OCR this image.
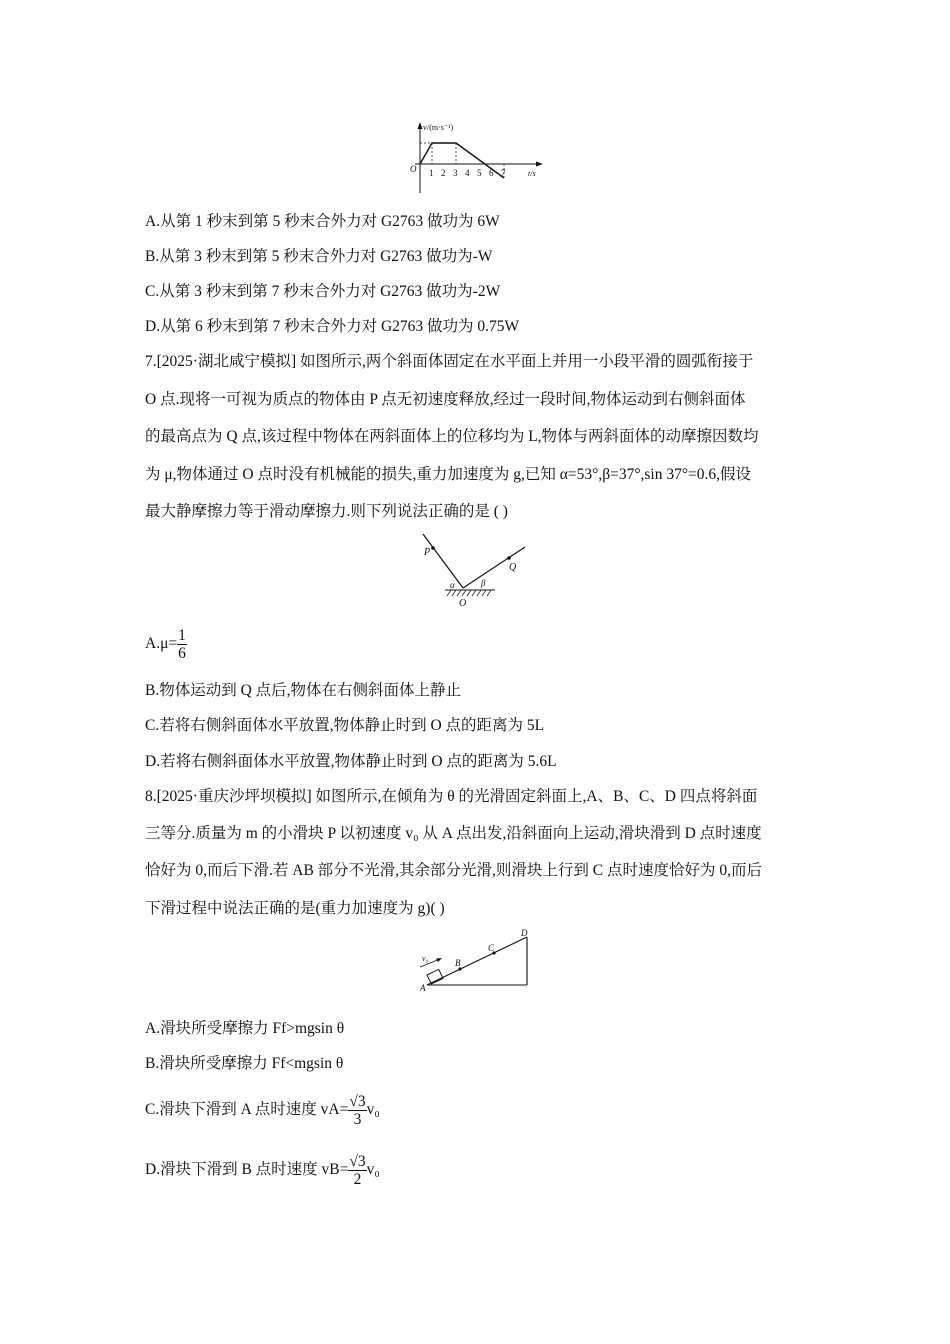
v/(m·s⁻¹)
t/s
O 1 2 3 4 5 6 7
A.从第 1 秒末到第 5 秒末合外力对 G2763 做功为 6W
B.从第 3 秒末到第 5 秒末合外力对 G2763 做功为-W
C.从第 3 秒末到第 7 秒末合外力对 G2763 做功为-2W
D.从第 6 秒末到第 7 秒末合外力对 G2763 做功为 0.75W
7.[2025·湖北咸宁模拟] 如图所示,两个斜面体固定在水平面上并用一小段平滑的圆弧衔接于
O 点.现将一可视为质点的物体由 P 点无初速度释放,经过一段时间,物体运动到右侧斜面体
的最高点为 Q 点,该过程中物体在两斜面体上的位移均为 L,物体与两斜面体的动摩擦因数均
为 μ,物体通过 O 点时没有机械能的损失,重力加速度为 g,已知 α=53°,β=37°,sin 37°=0.6,假设
最大静摩擦力等于滑动摩擦力.则下列说法正确的是 ( )
P
Q
O
α	β
$A.\mu= \frac{1}{6}$
B.物体运动到 Q 点后,物体在右侧斜面体上静止
C.若将右侧斜面体水平放置,物体静止时到 O 点的距离为 5L
D.若将右侧斜面体水平放置,物体静止时到 O 点的距离为 5.6L
8.[2025·重庆沙坪坝模拟] 如图所示,在倾角为 θ 的光滑固定斜面上,A、B、C、D 四点将斜面
三等分.质量为 m 的小滑块 P 以初速度 v₀ 从 A 点出发,沿斜面向上运动,滑块滑到 D 点时速度
恰好为 0,而后下滑.若 AB 部分不光滑,其余部分光滑,则滑块上行到 C 点时速度恰好为 0,而后
下滑过程中说法正确的是(重力加速度为 g)( )
v₀
A
B
C
D
A.滑块所受摩擦力 Ff>mgsin θ
B.滑块所受摩擦力 Ff<mgsin θ
C.滑块下滑到 A 点时速度 $vA= \frac{√3}{3} v_0$
D.滑块下滑到 B 点时速度 $vB= \frac{√3}{2} v_0$
